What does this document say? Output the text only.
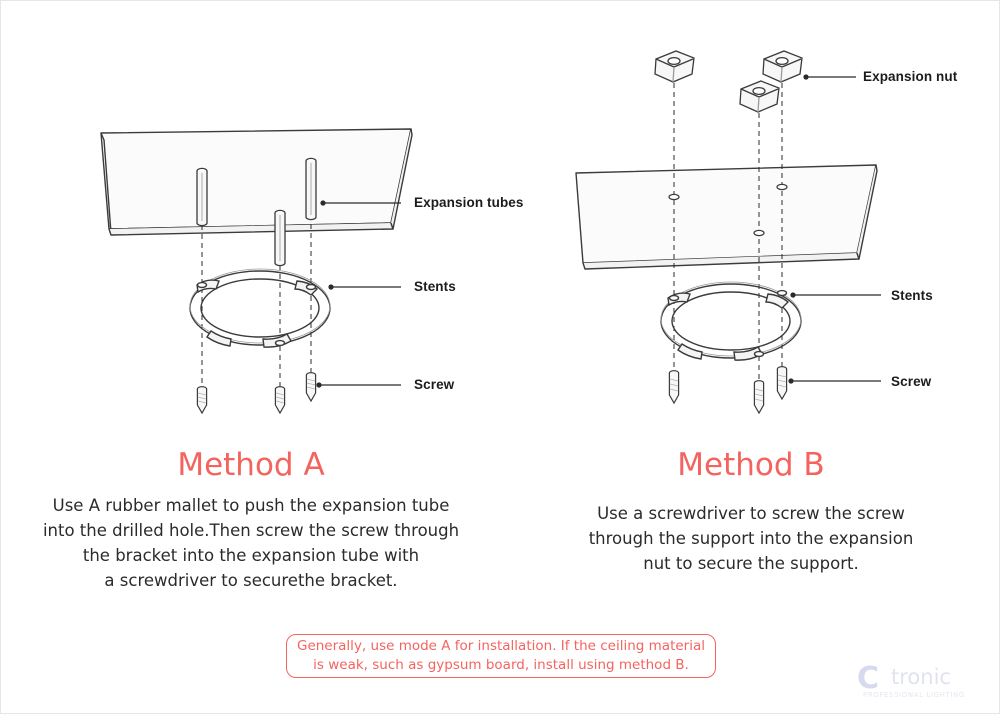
Expansion tubes
Stents
Screw
Method A
Use A rubber mallet to push the expansion tube
into the drilled hole.Then screw the screw through
the bracket into the expansion tube with
a screwdriver to securethe bracket.
Expansion nut
Stents
Screw
Method B
Use a screwdriver to screw the screw
through the support into the expansion
nut to secure the support.
Generally, use mode A for installation. If the ceiling material
is weak, such as gypsum board, install using method B.	C tronic
PROFESSIONAL LIGHTING
